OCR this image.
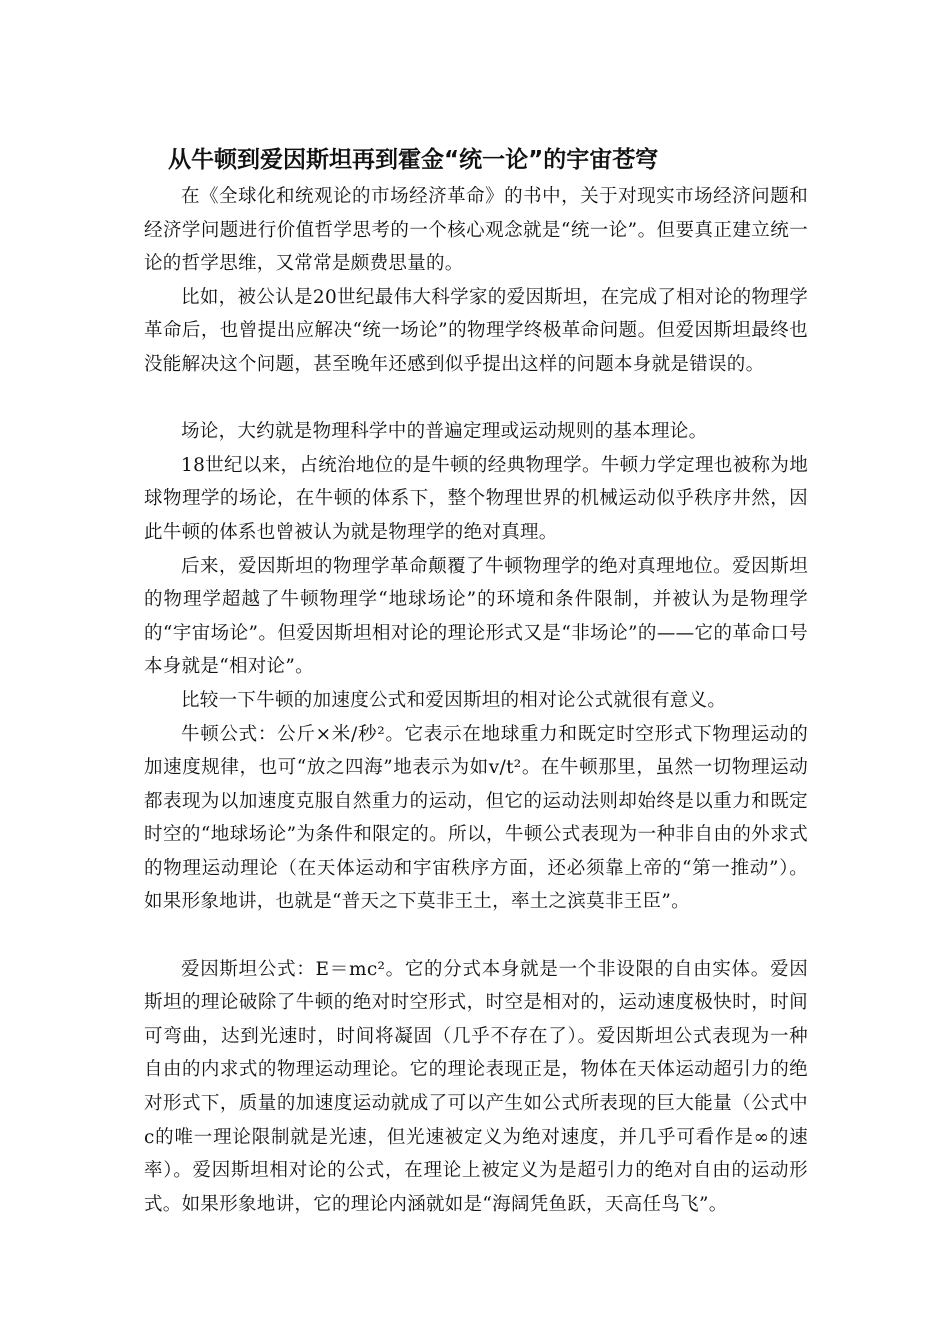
从牛顿到爱因斯坦再到霍金“统一论”的宇宙苍穹

在《全球化和统观论的市场经济革命》的书中，关于对现实市场经济问题和经济学问题进行价值哲学思考的一个核心观念就是“统一论”。但要真正建立统一论的哲学思维，又常常是颇费思量的。

比如，被公认是20世纪最伟大科学家的爱因斯坦，在完成了相对论的物理学革命后，也曾提出应解决“统一场论”的物理学终极革命问题。但爱因斯坦最终也没能解决这个问题，甚至晚年还感到似乎提出这样的问题本身就是错误的。

场论，大约就是物理科学中的普遍定理或运动规则的基本理论。

18世纪以来，占统治地位的是牛顿的经典物理学。牛顿力学定理也被称为地球物理学的场论，在牛顿的体系下，整个物理世界的机械运动似乎秩序井然，因此牛顿的体系也曾被认为就是物理学的绝对真理。

后来，爱因斯坦的物理学革命颠覆了牛顿物理学的绝对真理地位。爱因斯坦的物理学超越了牛顿物理学“地球场论”的环境和条件限制，并被认为是物理学的“宇宙场论”。但爱因斯坦相对论的理论形式又是“非场论”的——它的革命口号本身就是“相对论”。

比较一下牛顿的加速度公式和爱因斯坦的相对论公式就很有意义。

牛顿公式：公斤×米/秒²。它表示在地球重力和既定时空形式下物理运动的加速度规律，也可“放之四海”地表示为如v/t²。在牛顿那里，虽然一切物理运动都表现为以加速度克服自然重力的运动，但它的运动法则却始终是以重力和既定时空的“地球场论”为条件和限定的。所以，牛顿公式表现为一种非自由的外求式的物理运动理论（在天体运动和宇宙秩序方面，还必须靠上帝的“第一推动”）。如果形象地讲，也就是“普天之下莫非王土，率土之滨莫非王臣”。

爱因斯坦公式：E＝mc²。它的分式本身就是一个非设限的自由实体。爱因斯坦的理论破除了牛顿的绝对时空形式，时空是相对的，运动速度极快时，时间可弯曲，达到光速时，时间将凝固（几乎不存在了）。爱因斯坦公式表现为一种自由的内求式的物理运动理论。它的理论表现正是，物体在天体运动超引力的绝对形式下，质量的加速度运动就成了可以产生如公式所表现的巨大能量（公式中c的唯一理论限制就是光速，但光速被定义为绝对速度，并几乎可看作是∞的速率）。爱因斯坦相对论的公式，在理论上被定义为是超引力的绝对自由的运动形式。如果形象地讲，它的理论内涵就如是“海阔凭鱼跃，天高任鸟飞”。
